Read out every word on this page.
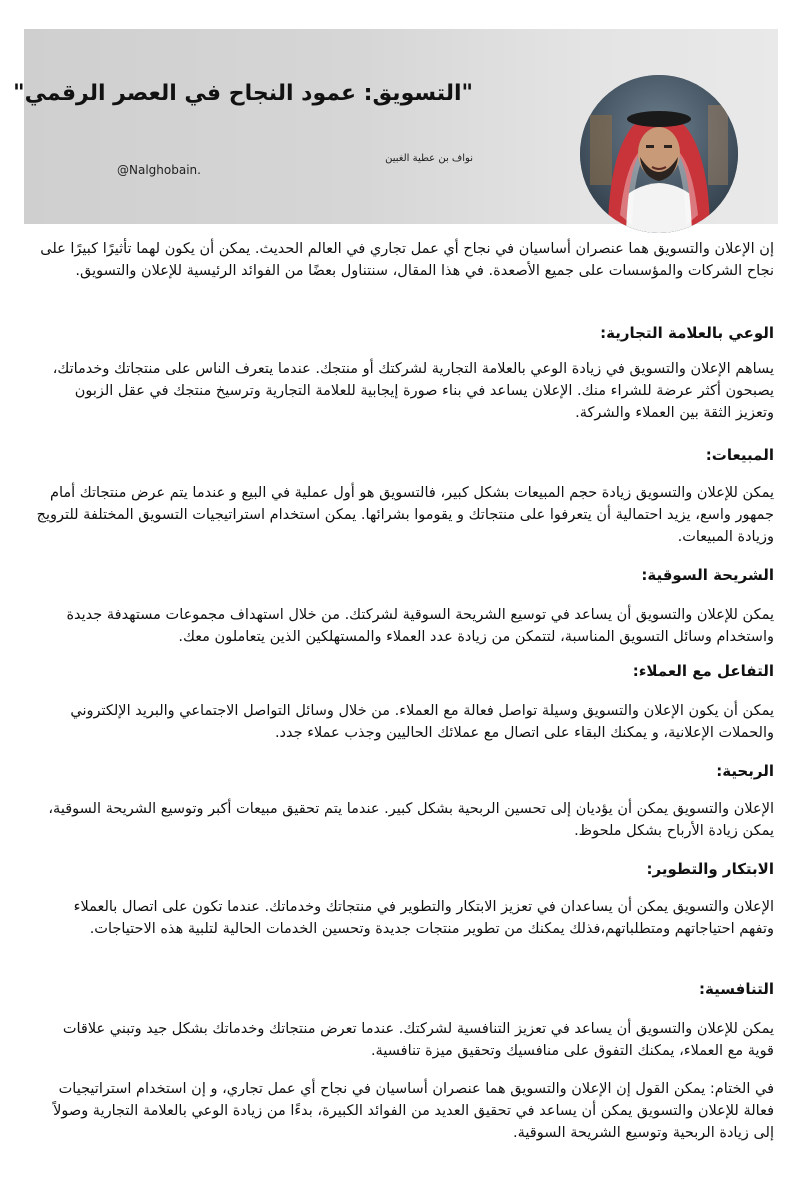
"التسويق: عمود النجاح في العصر الرقمي"
نواف بن عطية الغبين
@Nalghobain.

إن الإعلان والتسويق هما عنصران أساسيان في نجاح أي عمل تجاري في العالم الحديث. يمكن أن يكون لهما تأثيرًا كبيرًا على نجاح الشركات والمؤسسات على جميع الأصعدة. في هذا المقال، سنتناول بعضًا من الفوائد الرئيسية للإعلان والتسويق.

الوعي بالعلامة التجارية:

يساهم الإعلان والتسويق في زيادة الوعي بالعلامة التجارية لشركتك أو منتجك. عندما يتعرف الناس على منتجاتك وخدماتك، يصبحون أكثر عرضة للشراء منك. الإعلان يساعد في بناء صورة إيجابية للعلامة التجارية وترسيخ منتجك في عقل الزبون وتعزيز الثقة بين العملاء والشركة.

المبيعات:

يمكن للإعلان والتسويق زيادة حجم المبيعات بشكل كبير، فالتسويق هو أول عملية في البيع و عندما يتم عرض منتجاتك أمام جمهور واسع، يزيد احتمالية أن يتعرفوا على منتجاتك و يقوموا بشرائها. يمكن استخدام استراتيجيات التسويق المختلفة للترويج وزيادة المبيعات.

الشريحة السوقية:

يمكن للإعلان والتسويق أن يساعد في توسيع الشريحة السوقية لشركتك. من خلال استهداف مجموعات مستهدفة جديدة واستخدام وسائل التسويق المناسبة، لتتمكن من زيادة عدد العملاء والمستهلكين الذين يتعاملون معك.

التفاعل مع العملاء:

يمكن أن يكون الإعلان والتسويق وسيلة تواصل فعالة مع العملاء. من خلال وسائل التواصل الاجتماعي والبريد الإلكتروني والحملات الإعلانية، و يمكنك البقاء على اتصال مع عملائك الحاليين وجذب عملاء جدد.

الربحية:

الإعلان والتسويق يمكن أن يؤديان إلى تحسين الربحية بشكل كبير. عندما يتم تحقيق مبيعات أكبر وتوسيع الشريحة السوقية، يمكن زيادة الأرباح بشكل ملحوظ.

الابتكار والتطوير:

الإعلان والتسويق يمكن أن يساعدان في تعزيز الابتكار والتطوير في منتجاتك وخدماتك. عندما تكون على اتصال بالعملاء وتفهم احتياجاتهم ومتطلباتهم،فذلك يمكنك من تطوير منتجات جديدة وتحسين الخدمات الحالية لتلبية هذه الاحتياجات.

التنافسية:

يمكن للإعلان والتسويق أن يساعد في تعزيز التنافسية لشركتك. عندما تعرض منتجاتك وخدماتك بشكل جيد وتبني علاقات قوية مع العملاء، يمكنك التفوق على منافسيك وتحقيق ميزة تنافسية.

في الختام: يمكن القول إن الإعلان والتسويق هما عنصران أساسيان في نجاح أي عمل تجاري، و إن استخدام استراتيجيات فعالة للإعلان والتسويق يمكن أن يساعد في تحقيق العديد من الفوائد الكبيرة، بدءًا من زيادة الوعي بالعلامة التجارية وصولاً إلى زيادة الربحية وتوسيع الشريحة السوقية.
